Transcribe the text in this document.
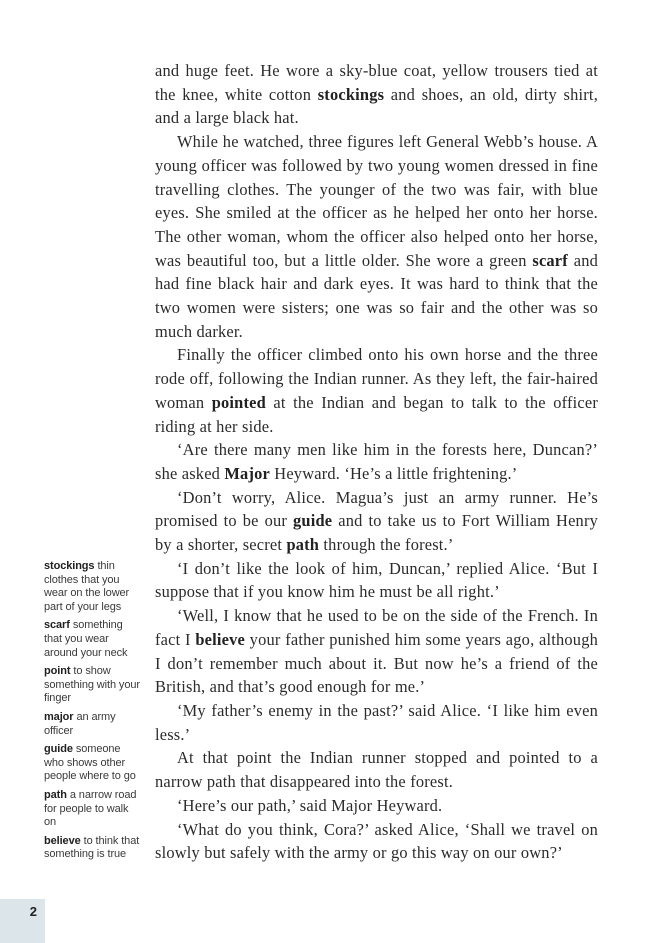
and huge feet. He wore a sky-blue coat, yellow trousers tied at the knee, white cotton stockings and shoes, an old, dirty shirt, and a large black hat.

While he watched, three figures left General Webb’s house. A young officer was followed by two young women dressed in fine travelling clothes. The younger of the two was fair, with blue eyes. She smiled at the officer as he helped her onto her horse. The other woman, whom the officer also helped onto her horse, was beautiful too, but a little older. She wore a green scarf and had fine black hair and dark eyes. It was hard to think that the two women were sisters; one was so fair and the other was so much darker.

Finally the officer climbed onto his own horse and the three rode off, following the Indian runner. As they left, the fair-haired woman pointed at the Indian and began to talk to the officer riding at her side.

‘Are there many men like him in the forests here, Duncan?’ she asked Major Heyward. ‘He’s a little frightening.’

‘Don’t worry, Alice. Magua’s just an army runner. He’s promised to be our guide and to take us to Fort William Henry by a shorter, secret path through the forest.’

‘I don’t like the look of him, Duncan,’ replied Alice. ‘But I suppose that if you know him he must be all right.’

‘Well, I know that he used to be on the side of the French. In fact I believe your father punished him some years ago, although I don’t remember much about it. But now he’s a friend of the British, and that’s good enough for me.’

‘My father’s enemy in the past?’ said Alice. ‘I like him even less.’

At that point the Indian runner stopped and pointed to a narrow path that disappeared into the forest.

‘Here’s our path,’ said Major Heyward.

‘What do you think, Cora?’ asked Alice, ‘Shall we travel on slowly but safely with the army or go this way on our own?’

stockings thin clothes that you wear on the lower part of your legs
scarf something that you wear around your neck
point to show something with your finger
major an army officer
guide someone who shows other people where to go
path a narrow road for people to walk on
believe to think that something is true
2
